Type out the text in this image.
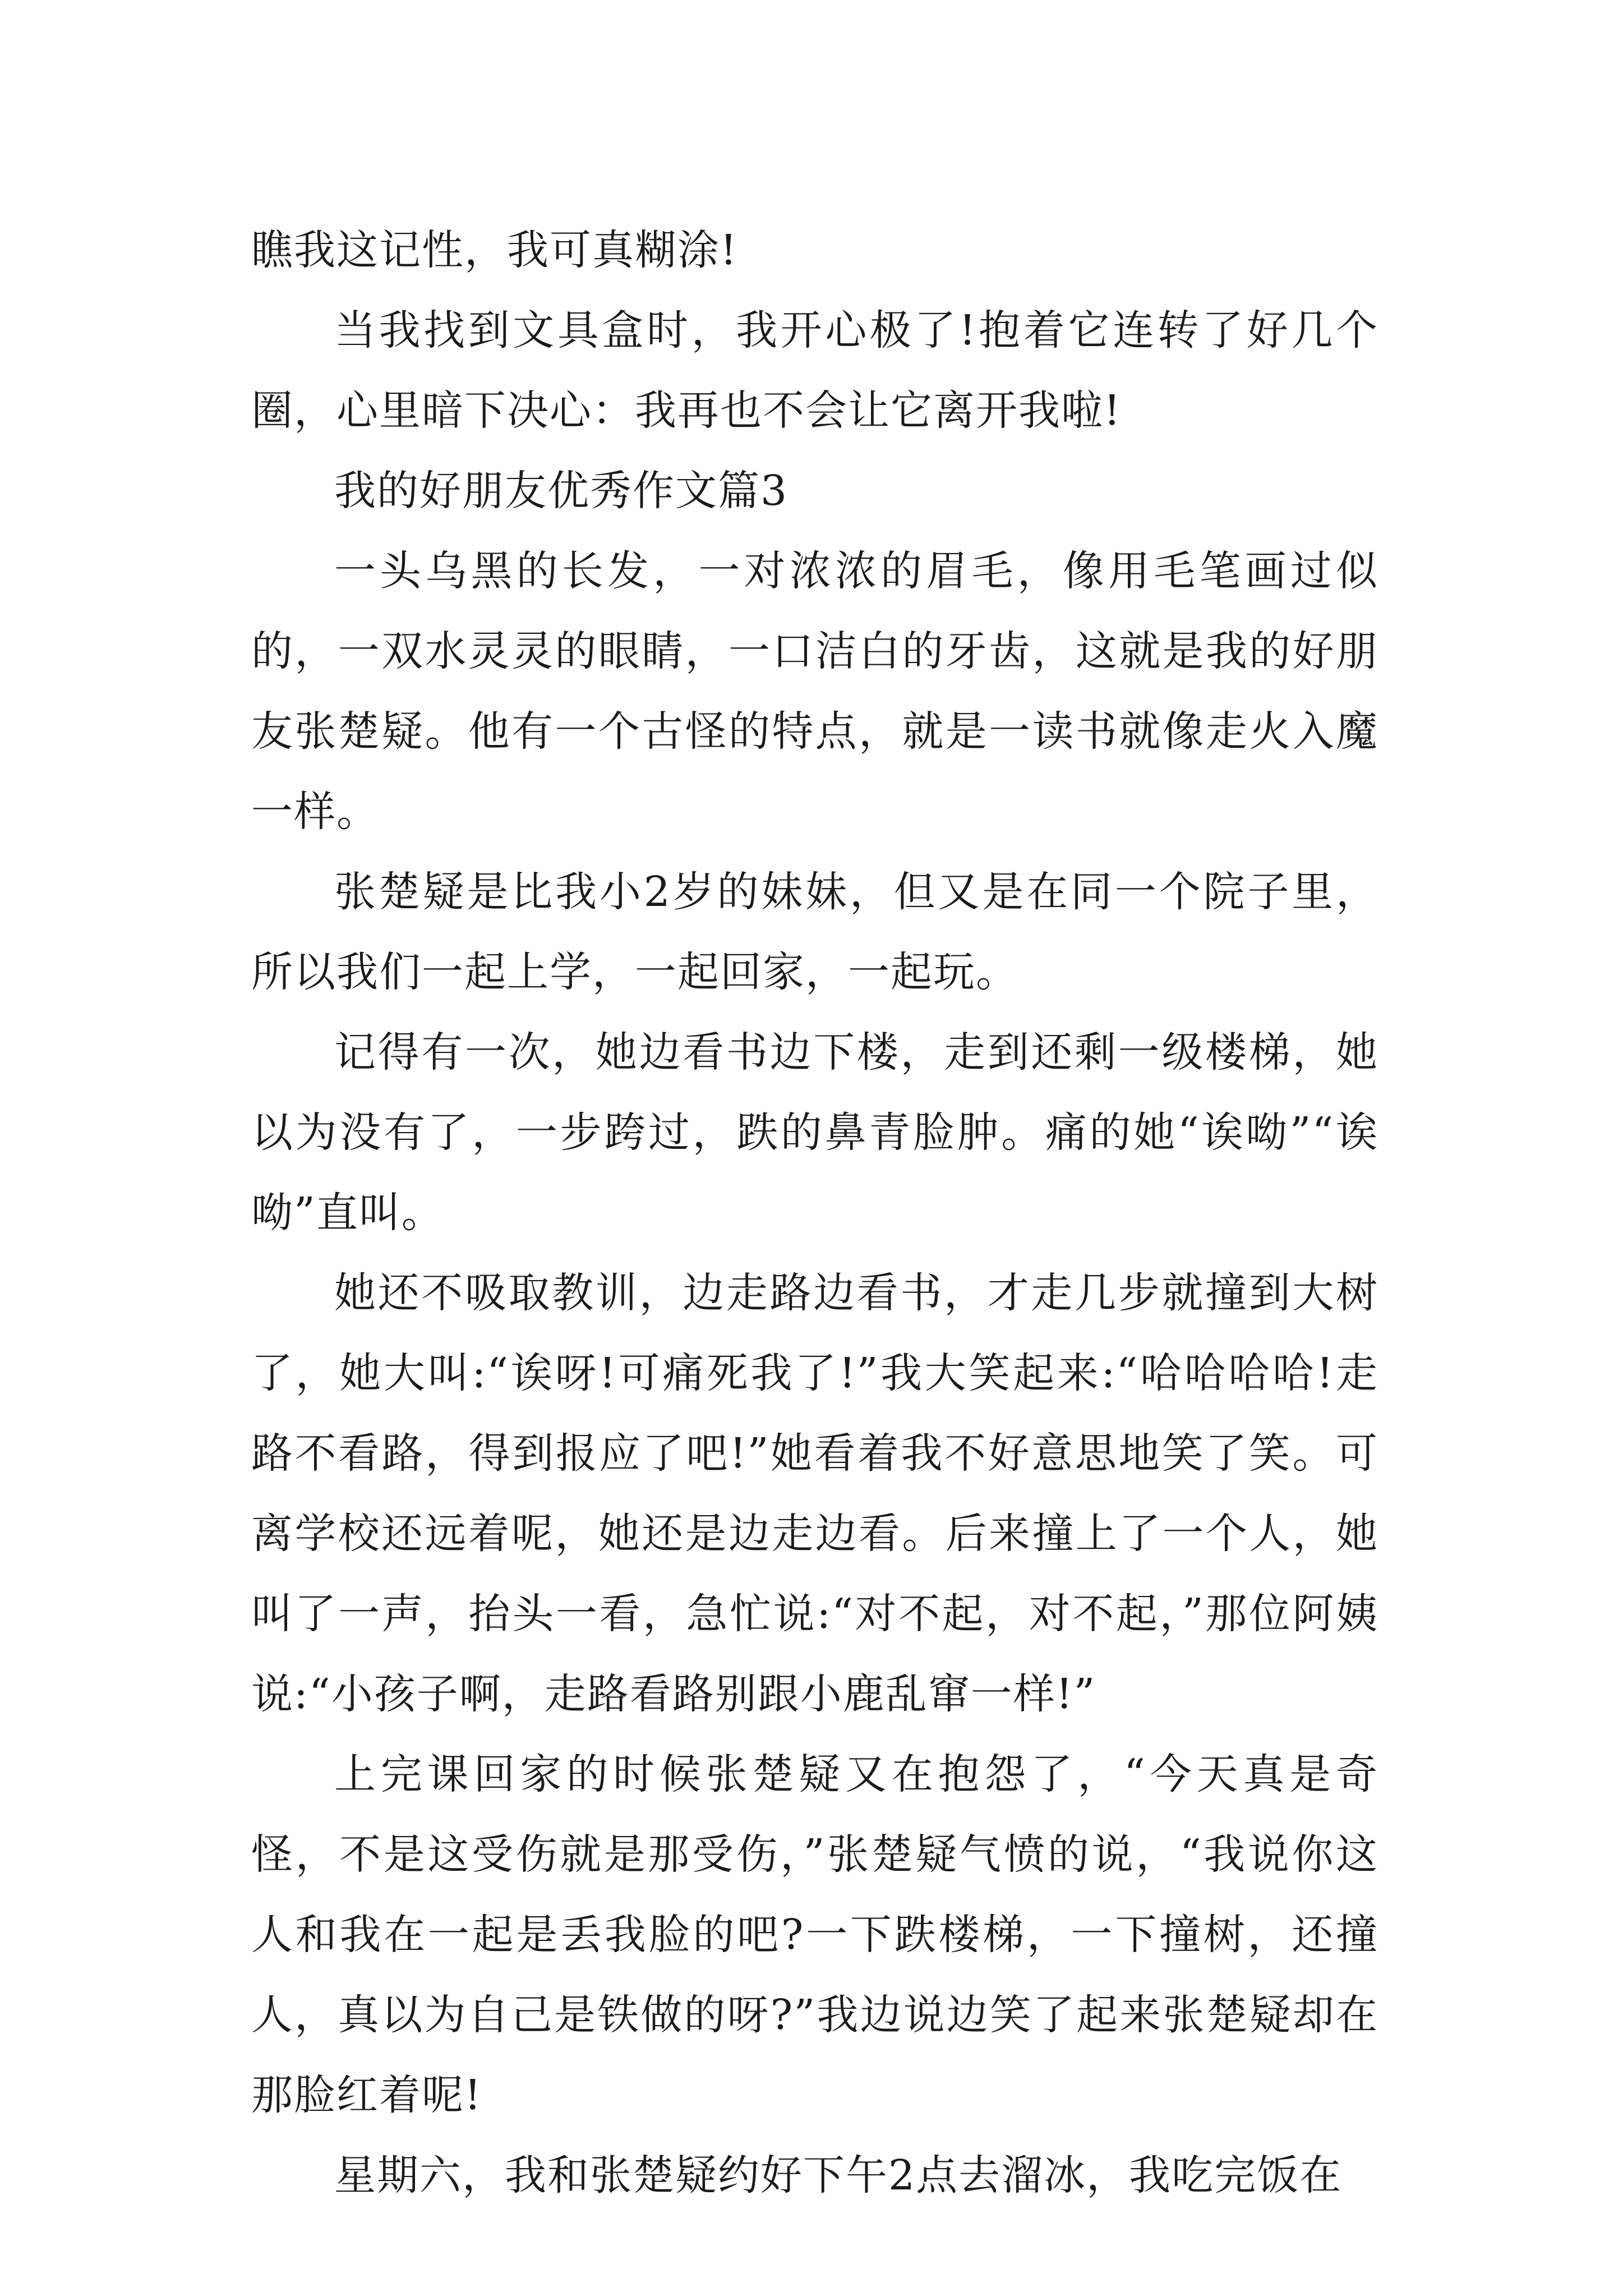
瞧我这记性，我可真糊涂!

当我找到文具盒时，我开心极了!抱着它连转了好几个圈，心里暗下决心：我再也不会让它离开我啦!

我的好朋友优秀作文篇3

一头乌黑的长发，一对浓浓的眉毛，像用毛笔画过似的，一双水灵灵的眼睛，一口洁白的牙齿，这就是我的好朋友张楚疑。他有一个古怪的特点，就是一读书就像走火入魔一样。

张楚疑是比我小2岁的妹妹，但又是在同一个院子里，所以我们一起上学，一起回家，一起玩。

记得有一次，她边看书边下楼，走到还剩一级楼梯，她以为没有了，一步跨过，跌的鼻青脸肿。痛的她“诶呦”“诶呦”直叫。

她还不吸取教训，边走路边看书，才走几步就撞到大树了，她大叫:“诶呀!可痛死我了!”我大笑起来:“哈哈哈哈!走路不看路，得到报应了吧!”她看着我不好意思地笑了笑。可离学校还远着呢，她还是边走边看。后来撞上了一个人，她叫了一声，抬头一看，急忙说:“对不起，对不起，”那位阿姨说:“小孩子啊，走路看路别跟小鹿乱窜一样!”

上完课回家的时候张楚疑又在抱怨了，“今天真是奇怪，不是这受伤就是那受伤，”张楚疑气愤的说，“我说你这人和我在一起是丢我脸的吧?一下跌楼梯，一下撞树，还撞人，真以为自己是铁做的呀?”我边说边笑了起来张楚疑却在那脸红着呢!

星期六，我和张楚疑约好下午2点去溜冰，我吃完饭在
